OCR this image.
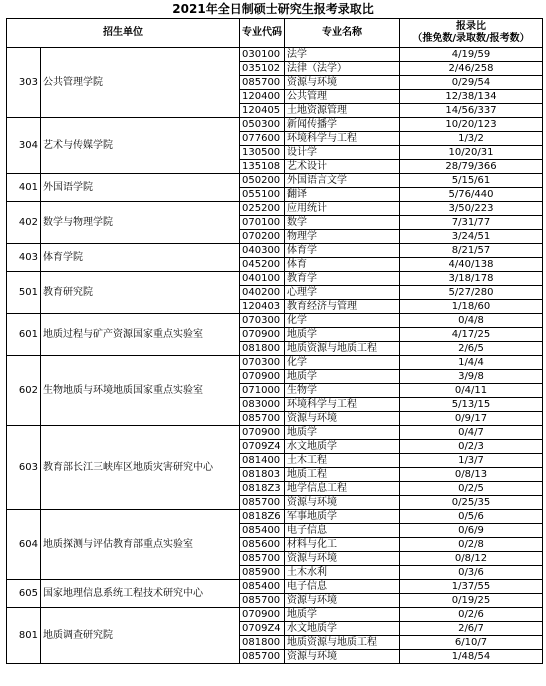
2021年全日制硕士研究生报考录取比
招生单位		专业代码	专业名称	报录比
（推免数/录取数/报考数）

303	公共管理学院	030100	法学	4/19/59
		035102	法律（法学）	2/46/258
		085700	资源与环境	0/29/54
		120400	公共管理	12/38/134
		120405	土地资源管理	14/56/337
304	艺术与传媒学院	050300	新闻传播学	10/20/123
		077600	环境科学与工程	1/3/2
		130500	设计学	10/20/31
		135108	艺术设计	28/79/366
401	外国语学院	050200	外国语言文学	5/15/61
		055100	翻译	5/76/440
402	数学与物理学院	025200	应用统计	3/50/223
		070100	数学	7/31/77
		070200	物理学	3/24/51
403	体育学院	040300	体育学	8/21/57
		045200	体育	4/40/138
501	教育研究院	040100	教育学	3/18/178
		040200	心理学	5/27/280
		120403	教育经济与管理	1/18/60
601	地质过程与矿产资源国家重点实验室	070300	化学	0/4/8
		070900	地质学	4/17/25
		081800	地质资源与地质工程	2/6/5
602	生物地质与环境地质国家重点实验室	070300	化学	1/4/4
		070900	地质学	3/9/8
		071000	生物学	0/4/11
		083000	环境科学与工程	5/13/15
		085700	资源与环境	0/9/17
603	教育部长江三峡库区地质灾害研究中心	070900	地质学	0/4/7
		0709Z4	水文地质学	0/2/3
		081400	土木工程	1/3/7
		081803	地质工程	0/8/13
		0818Z3	地学信息工程	0/2/5
		085700	资源与环境	0/25/35
604	地质探测与评估教育部重点实验室	0818Z6	军事地质学	0/5/6
		085400	电子信息	0/6/9
		085600	材料与化工	0/2/8
		085700	资源与环境	0/8/12
		085900	土木水利	0/3/6
605	国家地理信息系统工程技术研究中心	085400	电子信息	1/37/55
		085700	资源与环境	0/19/25
801	地质调查研究院	070900	地质学	0/2/6
		0709Z4	水文地质学	2/6/7
		081800	地质资源与地质工程	6/10/7
		085700	资源与环境	1/48/54
